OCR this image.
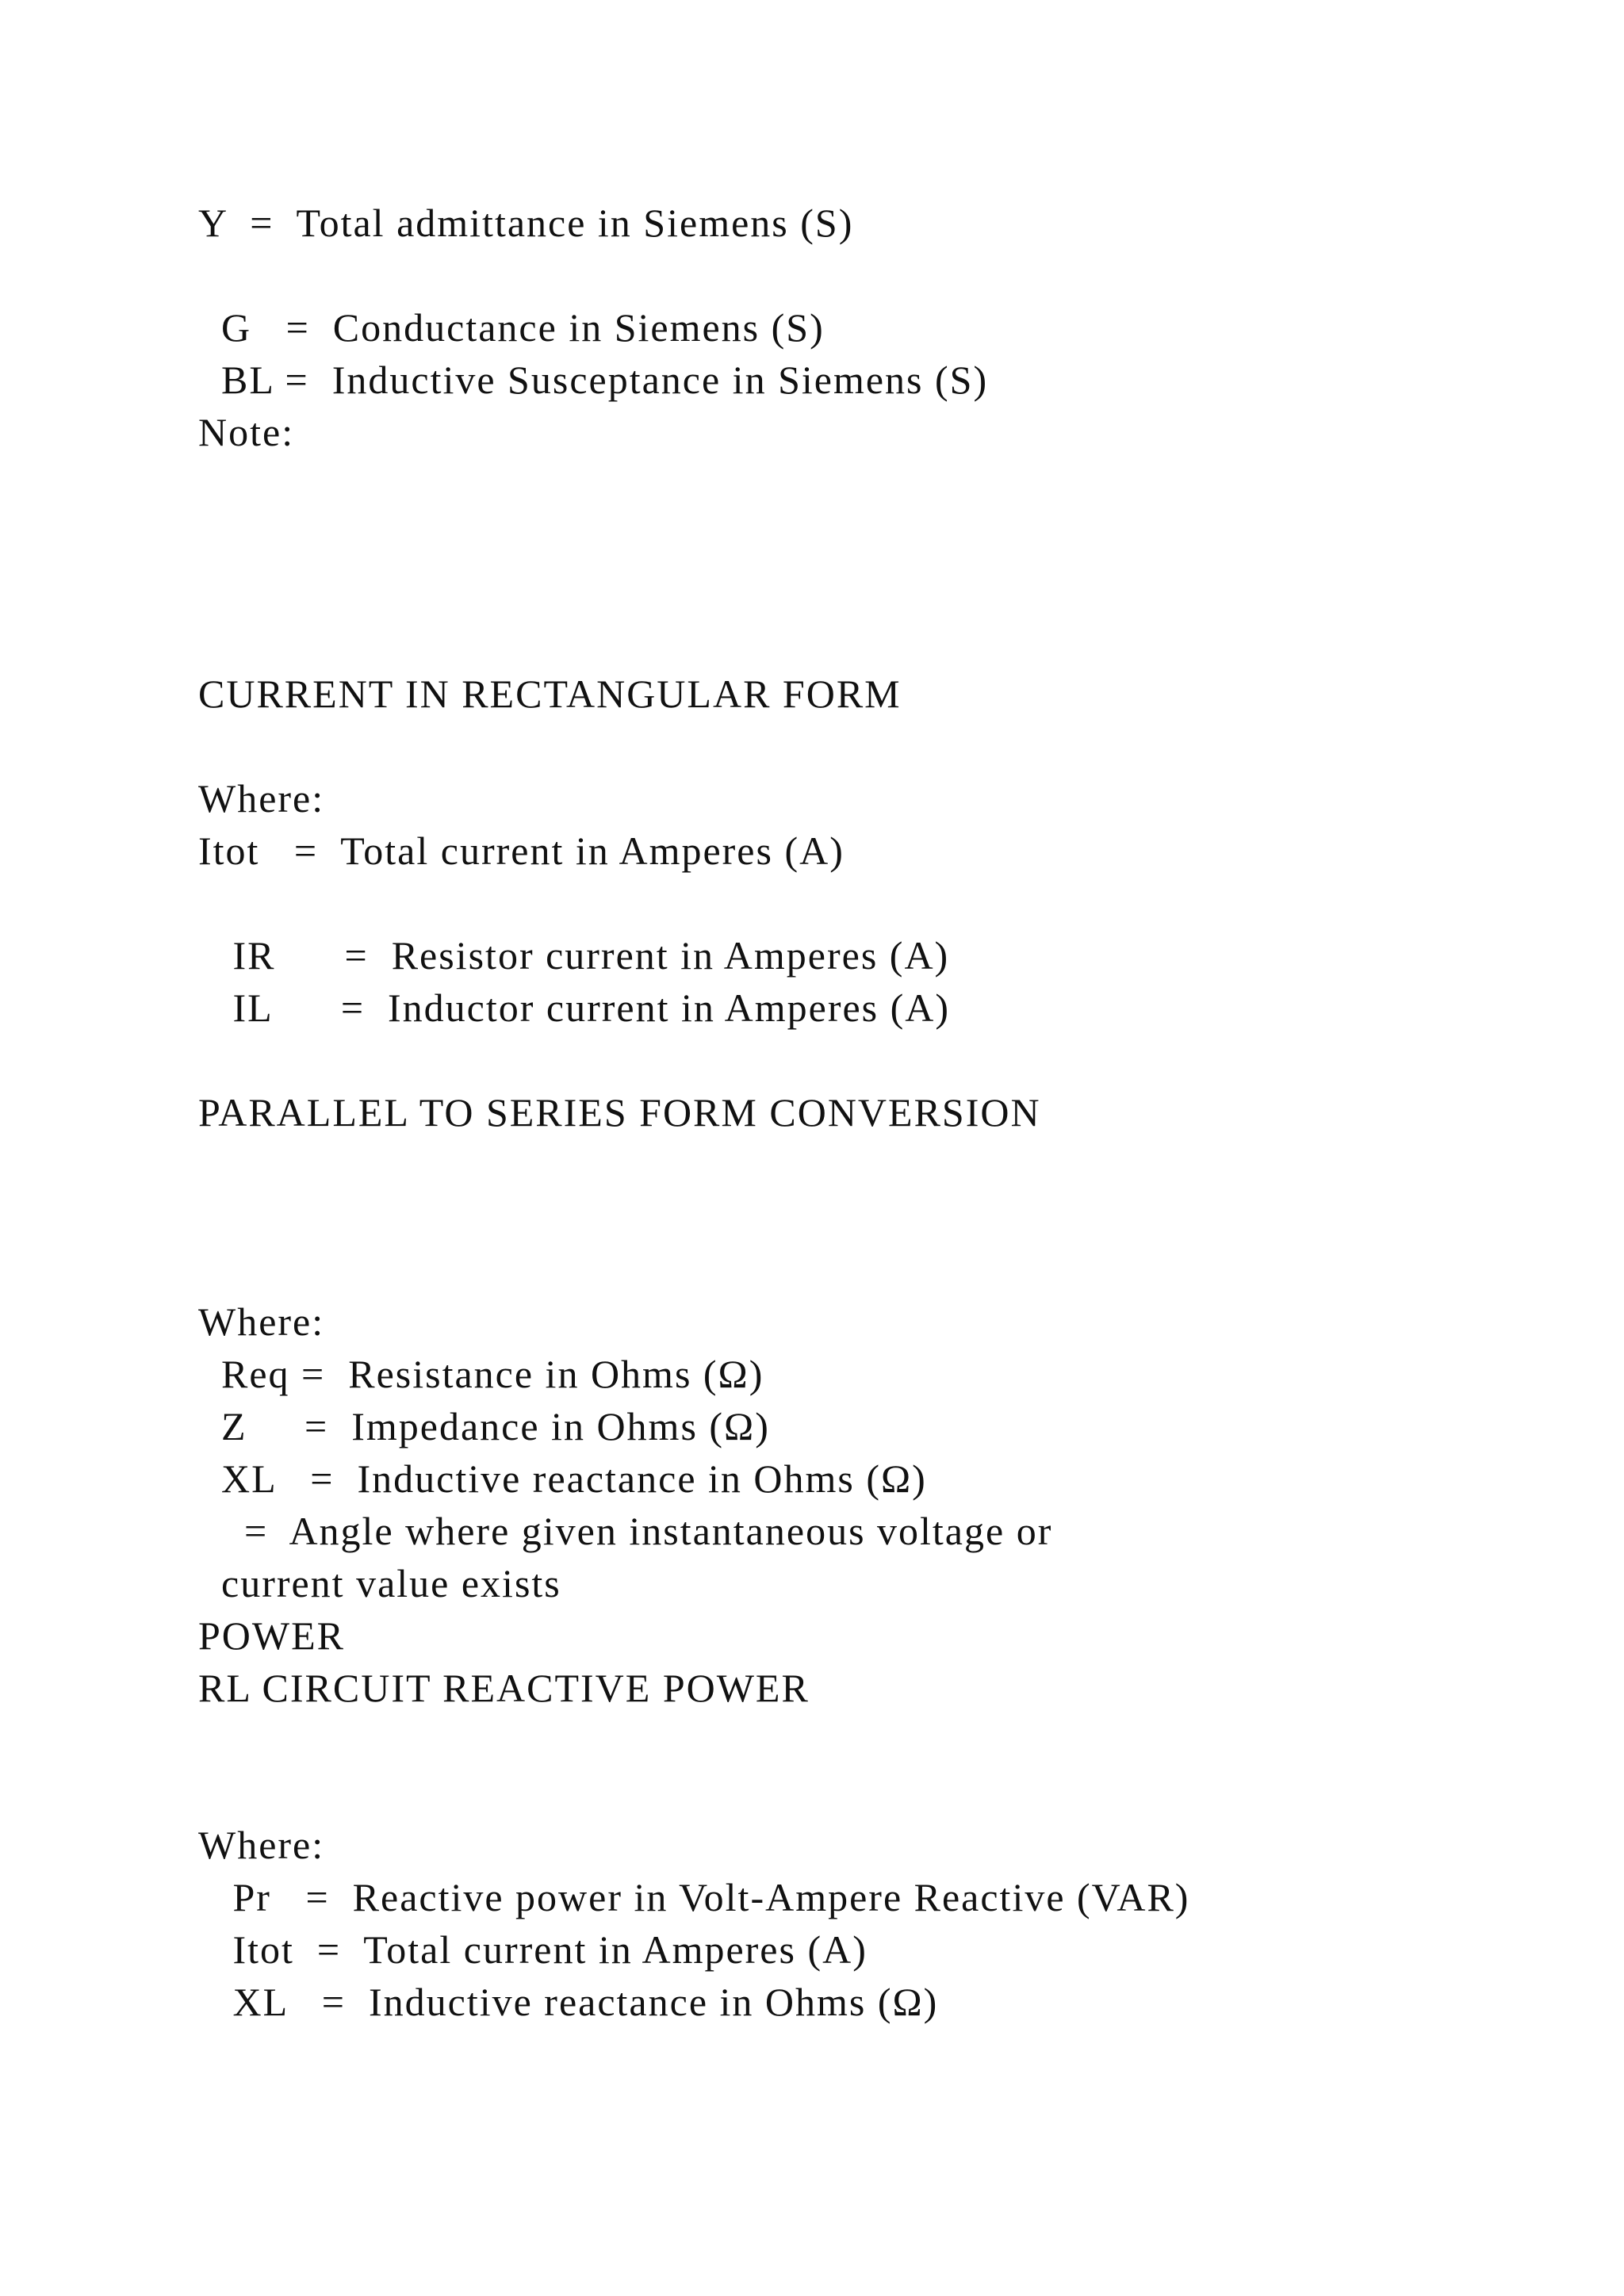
Y  =  Total admittance in Siemens (S)
G   =  Conductance in Siemens (S)
BL =  Inductive Susceptance in Siemens (S)
Note:
CURRENT IN RECTANGULAR FORM
Where:
Itot   =  Total current in Amperes (A)
IR      =  Resistor current in Amperes (A)
IL      =  Inductor current in Amperes (A)
PARALLEL TO SERIES FORM CONVERSION
Where:
Req =  Resistance in Ohms (Ω)
Z     =  Impedance in Ohms (Ω)
XL   =  Inductive reactance in Ohms (Ω)
=  Angle where given instantaneous voltage or
current value exists
POWER
RL CIRCUIT REACTIVE POWER
Where:
Pr   =  Reactive power in Volt-Ampere Reactive (VAR)
Itot  =  Total current in Amperes (A)
XL   =  Inductive reactance in Ohms (Ω)
